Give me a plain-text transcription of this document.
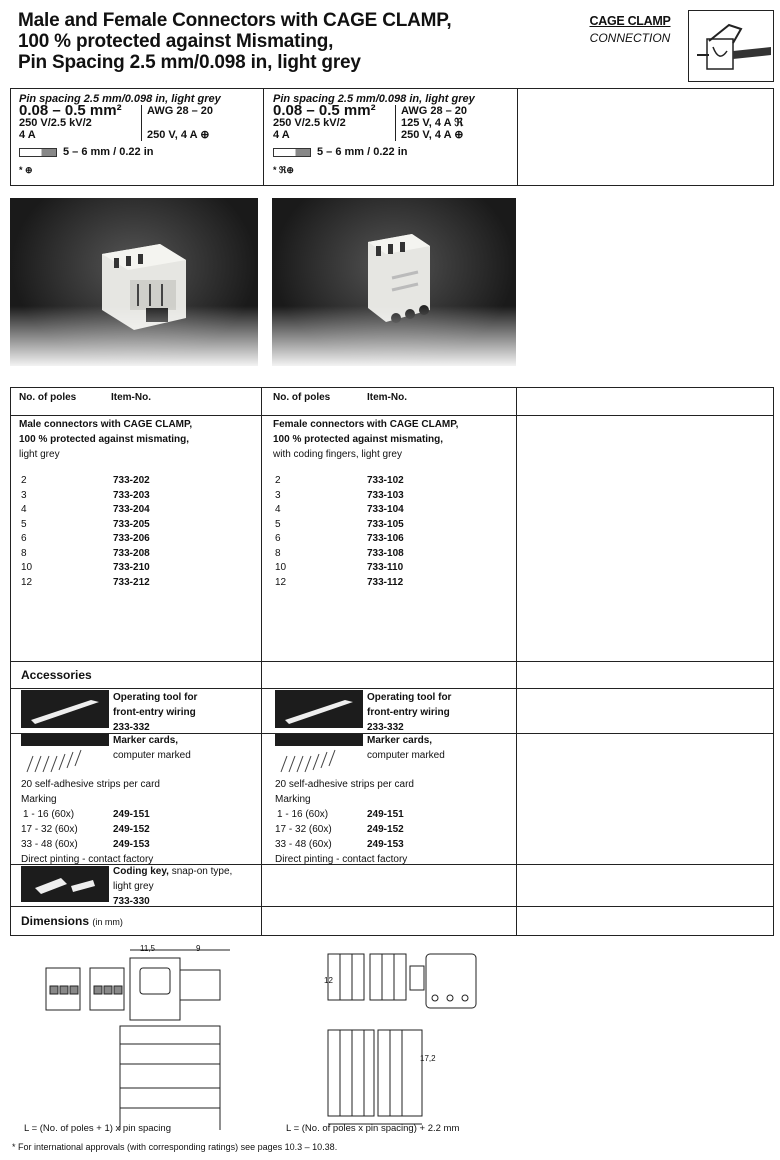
Male and Female Connectors with CAGE CLAMP,
100 % protected against Mismating,
Pin Spacing 2.5 mm/0.098 in, light grey
CAGE CLAMP
CONNECTION
Pin spacing 2.5 mm/0.098 in, light grey
0.08 – 0.5 mm²
250 V/2.5 kV/2
4 A
AWG 28 – 20
250 V, 4 A ⊕
5 – 6 mm / 0.22 in
* ⊕
Pin spacing 2.5 mm/0.098 in, light grey
0.08 – 0.5 mm²
250 V/2.5 kV/2
4 A
AWG 28 – 20
125 V, 4 A ℜ
250 V, 4 A ⊕
5 – 6 mm / 0.22 in
* ℜ⊕
No. of poles	Item-No.	No. of poles	Item-No.
Male connectors with CAGE CLAMP,
100 % protected against mismating,
light grey
Female connectors with CAGE CLAMP,
100 % protected against mismating,
with coding fingers, light grey
2	733-202
3	733-203
4	733-204
5	733-205
6	733-206
8	733-208
10	733-210
12	733-212
2	733-102
3	733-103
4	733-104
5	733-105
6	733-106
8	733-108
10	733-110
12	733-112
Accessories
Operating tool for
front-entry wiring
233-332
Operating tool for
front-entry wiring
233-332
Marker cards,
computer marked
20 self-adhesive strips per card
Marking
1 - 16 (60x)	249-151
17 - 32 (60x)	249-152
33 - 48 (60x)	249-153
Direct pinting - contact factory
Marker cards,
computer marked
20 self-adhesive strips per card
Marking
1 - 16 (60x)	249-151
17 - 32 (60x)	249-152
33 - 48 (60x)	249-153
Direct pinting - contact factory
Coding key, snap-on type,
light grey
733-330
Dimensions (in mm)
L = (No. of poles + 1) x pin spacing	L = (No. of poles x pin spacing) + 2.2 mm
11,5	9
12
17,2
* For international approvals (with corresponding ratings) see pages 10.3 – 10.38.
